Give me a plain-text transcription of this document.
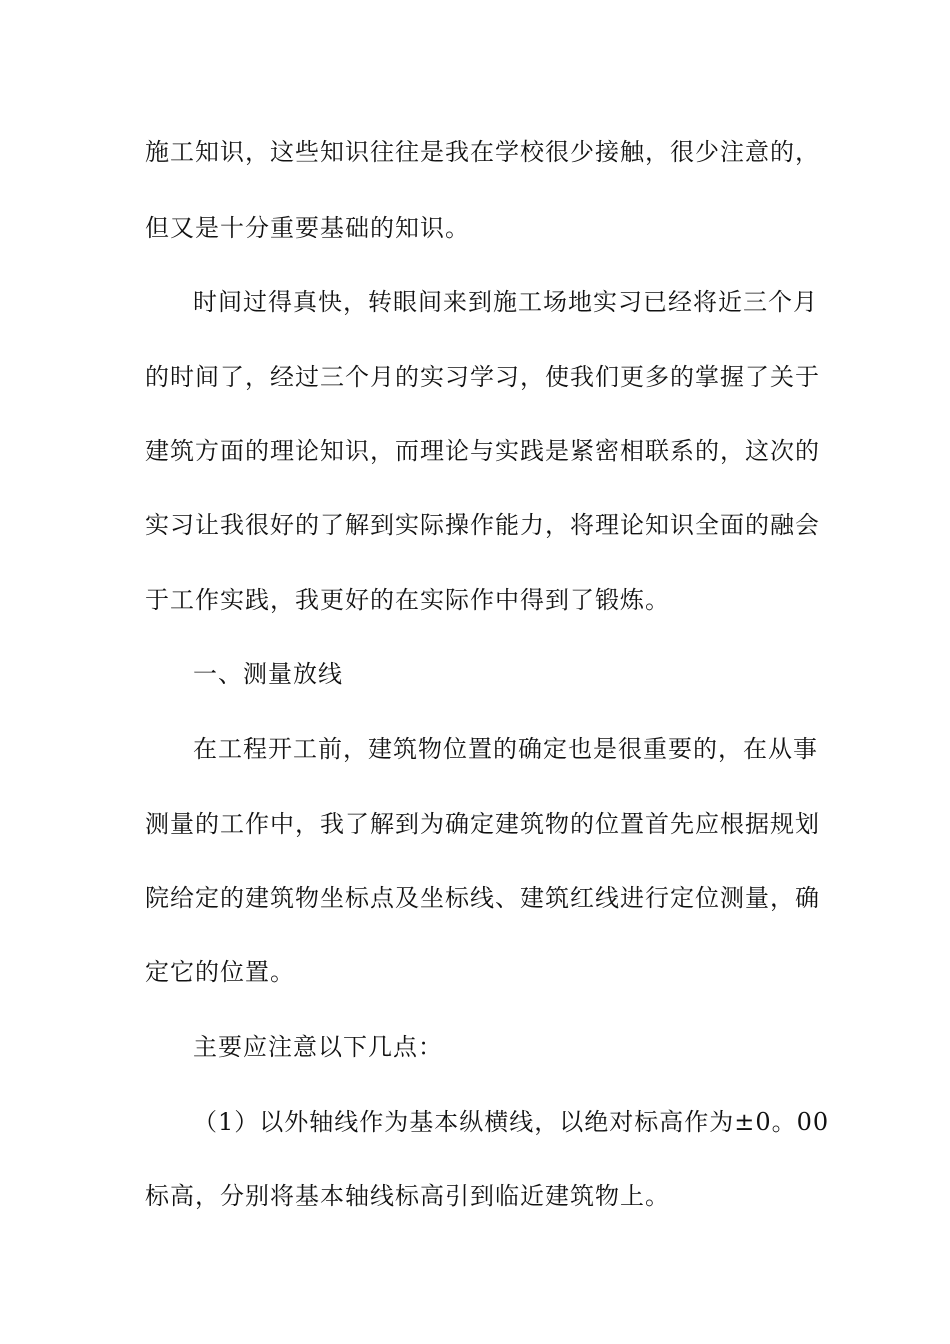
施工知识，这些知识往往是我在学校很少接触，很少注意的，
但又是十分重要基础的知识。
时间过得真快，转眼间来到施工场地实习已经将近三个月
的时间了，经过三个月的实习学习，使我们更多的掌握了关于
建筑方面的理论知识，而理论与实践是紧密相联系的，这次的
实习让我很好的了解到实际操作能力，将理论知识全面的融会
于工作实践，我更好的在实际作中得到了锻炼。
一、测量放线
在工程开工前，建筑物位置的确定也是很重要的，在从事
测量的工作中，我了解到为确定建筑物的位置首先应根据规划
院给定的建筑物坐标点及坐标线、建筑红线进行定位测量，确
定它的位置。
主要应注意以下几点：
（1）以外轴线作为基本纵横线，以绝对标高作为±0。00
标高，分别将基本轴线标高引到临近建筑物上。
